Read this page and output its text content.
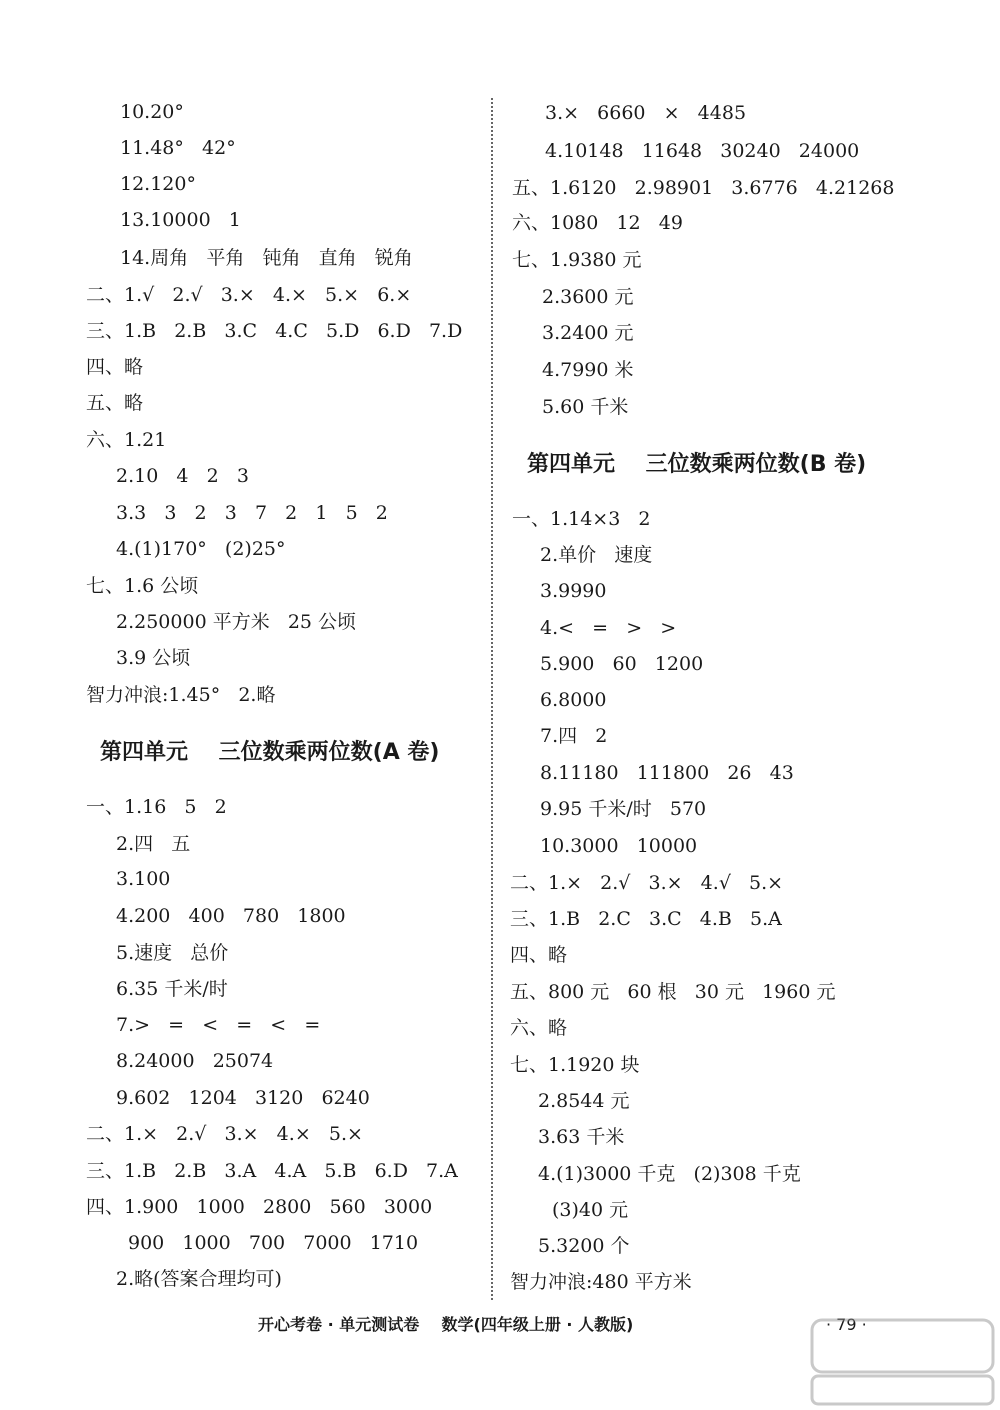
第四单元    三位数乘两位数(A 卷)
第四单元    三位数乘两位数(B 卷)
开心考卷 · 单元测试卷    数学(四年级上册 · 人教版)	· 79 ·
10.20°
11.48°   42°
12.120°
13.10000   1
14.周角   平角   钝角   直角   锐角
二、1.√   2.√   3.×   4.×   5.×   6.×
三、1.B   2.B   3.C   4.C   5.D   6.D   7.D
四、略
五、略
六、1.21
2.10   4   2   3
3.3   3   2   3   7   2   1   5   2
4.(1)170°   (2)25°
七、1.6 公顷
2.250000 平方米   25 公顷
3.9 公顷
智力冲浪:1.45°   2.略
一、1.16   5   2
2.四   五
3.100
4.200   400   780   1800
5.速度   总价
6.35 千米/时
7.>   =   <   =   <   =
8.24000   25074
9.602   1204   3120   6240
二、1.×   2.√   3.×   4.×   5.×
三、1.B   2.B   3.A   4.A   5.B   6.D   7.A
四、1.900   1000   2800   560   3000
900   1000   700   7000   1710
2.略(答案合理均可)
3.×   6660   ×   4485
4.10148   11648   30240   24000
五、1.6120   2.98901   3.6776   4.21268
六、1080   12   49
七、1.9380 元
2.3600 元
3.2400 元
4.7990 米
5.60 千米
一、1.14×3   2
2.单价   速度
3.9990
4.<   =   >   >
5.900   60   1200
6.8000
7.四   2
8.11180   111800   26   43
9.95 千米/时   570
10.3000   10000
二、1.×   2.√   3.×   4.√   5.×
三、1.B   2.C   3.C   4.B   5.A
四、略
五、800 元   60 根   30 元   1960 元
六、略
七、1.1920 块
2.8544 元
3.63 千米
4.(1)3000 千克   (2)308 千克
(3)40 元
5.3200 个
智力冲浪:480 平方米
